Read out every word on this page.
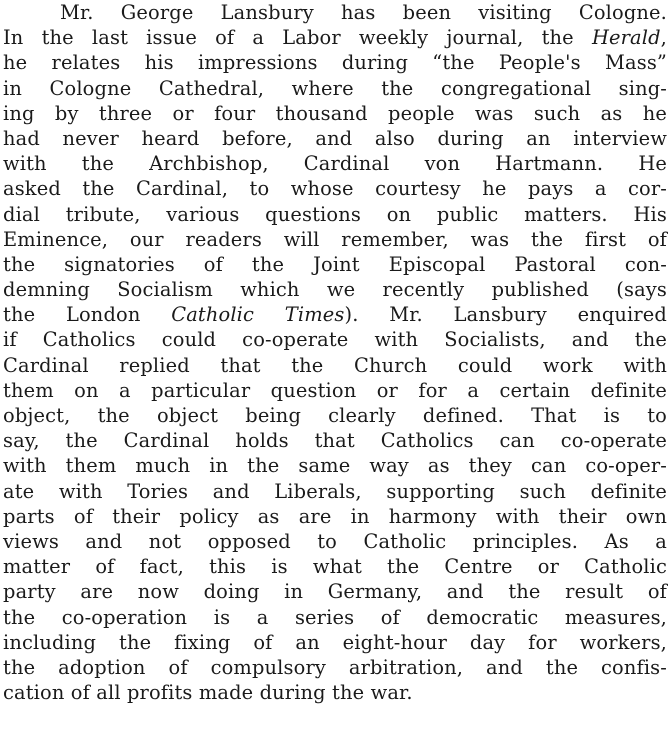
Mr. George Lansbury has been visiting Cologne.
In the last issue of a Labor weekly journal, the Herald,
he relates his impressions during “the People's Mass”
in Cologne Cathedral, where the congregational sing-
ing by three or four thousand people was such as he
had never heard before, and also during an interview
with the Archbishop, Cardinal von Hartmann. He
asked the Cardinal, to whose courtesy he pays a cor-
dial tribute, various questions on public matters. His
Eminence, our readers will remember, was the first of
the signatories of the Joint Episcopal Pastoral con-
demning Socialism which we recently published (says
the London Catholic Times). Mr. Lansbury enquired
if Catholics could co-operate with Socialists, and the
Cardinal replied that the Church could work with
them on a particular question or for a certain definite
object, the object being clearly defined. That is to
say, the Cardinal holds that Catholics can co-operate
with them much in the same way as they can co-oper-
ate with Tories and Liberals, supporting such definite
parts of their policy as are in harmony with their own
views and not opposed to Catholic principles. As a
matter of fact, this is what the Centre or Catholic
party are now doing in Germany, and the result of
the co-operation is a series of democratic measures,
including the fixing of an eight-hour day for workers,
the adoption of compulsory arbitration, and the confis-
cation of all profits made during the war.
